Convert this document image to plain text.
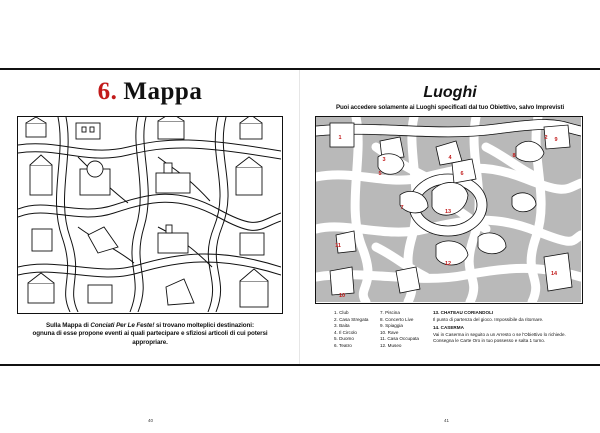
6. Mappa
Sulla Mappa di Conciati Per Le Feste! si trovano molteplici destinazioni:
ognuna di esse propone eventi ai quali partecipare e sfiziosi articoli di cui potersi appropriare.
40
Luoghi
Puoi accedere solamente ai Luoghi specificati dal tuo Obiettivo, salvo Imprevisti
1	2
3	4
5	6
7
8
9
10
11
12
13
14
1. Club
2. Casa Stregata
3. Baita
4. Il Circolo
5. Duomo
6. Teatro
7. Piscina
8. Concerto Live
9. Spiaggia
10. Rave
11. Casa Occupata
12. Museo
13. CHATEAU CORIANDOLI
Il punto di partenza del gioco. Impossibile da ritornare.
14. CASERMA
Vai in Caserma in seguito a un Arresto o se l'Obiettivo lo richiede. Consegna le Carte Oro in tuo possesso e salta 1 turno.
41
